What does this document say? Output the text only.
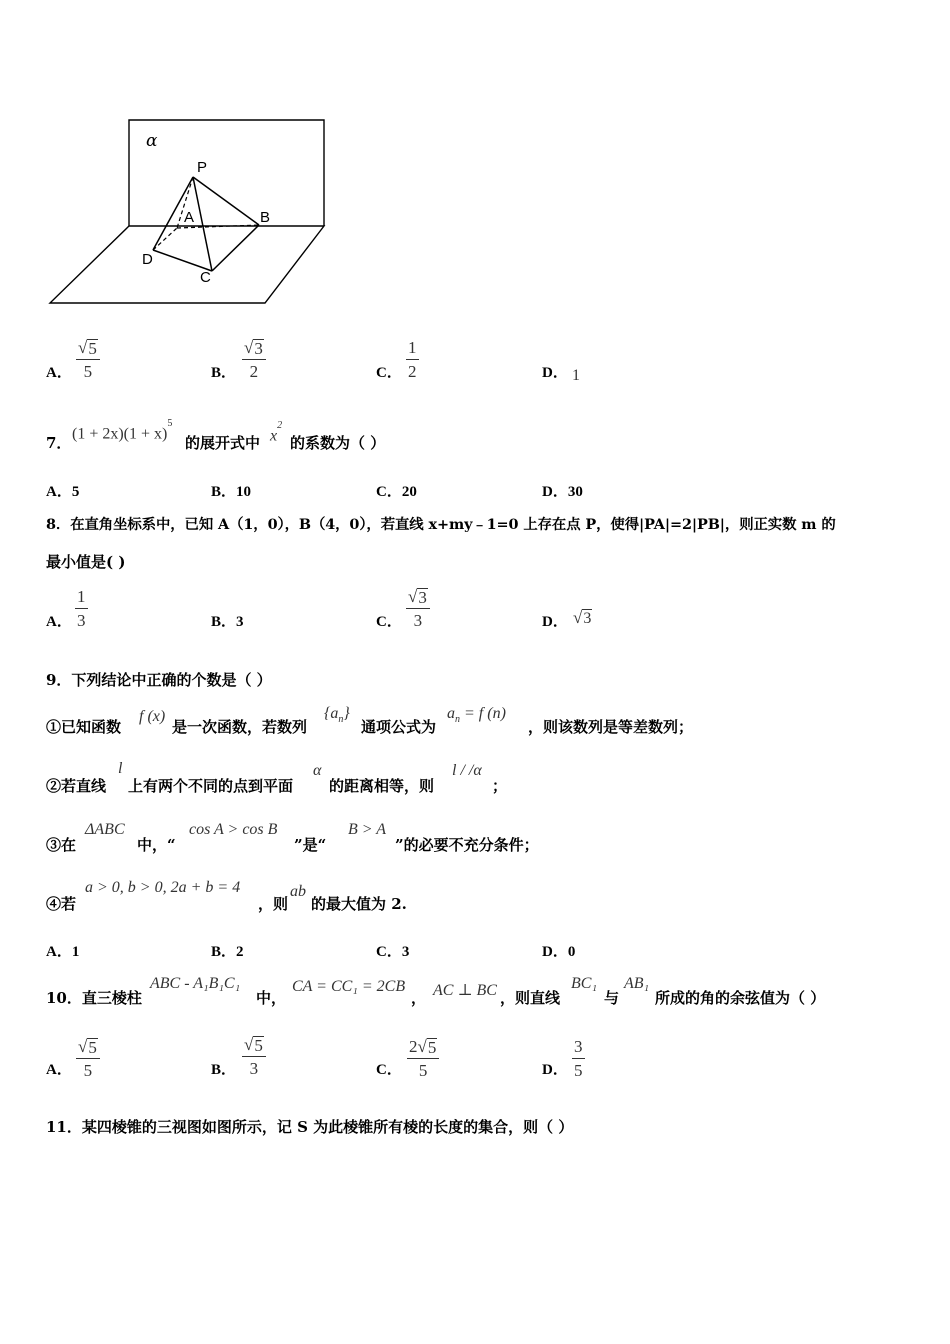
α
P
A	B
D
C
A．
√ 5
5	B．
√ 3
2	C．
1
2	D． 1
7．
$(1 + 2x)(1 + x)^5$
的展开式中 $x^2$
的系数为（ ）
A．5	B．10	C．20	D．30
8．在直角坐标系中，已知 A（1，0），B（4，0），若直线 x+my﹣1=0 上存在点 P，使得|PA|=2|PB|，则正实数 m 的
最小值是( )
A．
1
3	B．3	C．
√ 3
3	D． √ 3
9．下列结论中正确的个数是（ ）
①已知函数
f (x)
是一次函数，若数列
$\{a_n\}$
通项公式为
$a_n = f$ (n)
，则该数列是等差数列；
②若直线
l
上有两个不同的点到平面
α
的距离相等，则
l / /α
；
③在
ΔABC
中，“
cos A > cos B
”是“
B > A
”的必要不充分条件；
④若
a > 0, b > 0, 2a + b = 4
，则
ab
的最大值为 2.
A．1	B．2	C．3	D．0
10．直三棱柱
ABC - A₁B₁C₁
中，
CA = CC₁ = 2CB
， AC ⊥ BC ，则直线
BC₁
与
AB₁
所成的角的余弦值为（ ）
A．
√ 5
5	B．
√ 5
3	C．
2 √ 5
5	D．
3
5
11．某四棱锥的三视图如图所示，记 S 为此棱锥所有棱的长度的集合，则（ ）
